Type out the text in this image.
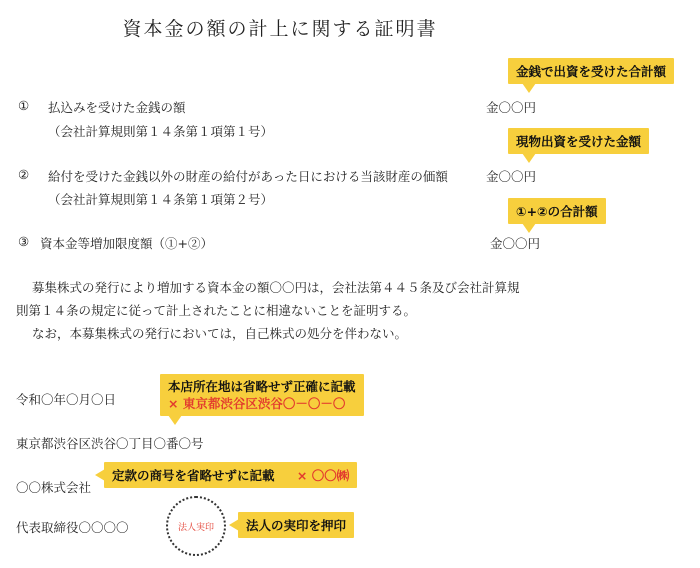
資本金の額の計上に関する証明書
① 払込みを受けた金銭の額
（会社計算規則第１４条第１項第１号）
金〇〇円
② 給付を受けた金銭以外の財産の給付があった日における当該財産の価額
（会社計算規則第１４条第１項第２号）
金〇〇円
③ 資本金等増加限度額（①+②）	金〇〇円
募集株式の発行により増加する資本金の額〇〇円は，会社法第４４５条及び会社計算規
則第１４条の規定に従って計上されたことに相違ないことを証明する。
なお，本募集株式の発行においては，自己株式の処分を伴わない。
令和〇年〇月〇日
東京都渋谷区渋谷〇丁目〇番〇号
〇〇株式会社
代表取締役〇〇〇〇	法人実印
金銭で出資を受けた合計額
現物出資を受けた金額
①+②の合計額
本店所在地は省略せず正確に記載
× 東京都渋谷区渋谷〇－〇－〇
定款の商号を省略せずに記載 × 〇〇㈱
法人の実印を押印
